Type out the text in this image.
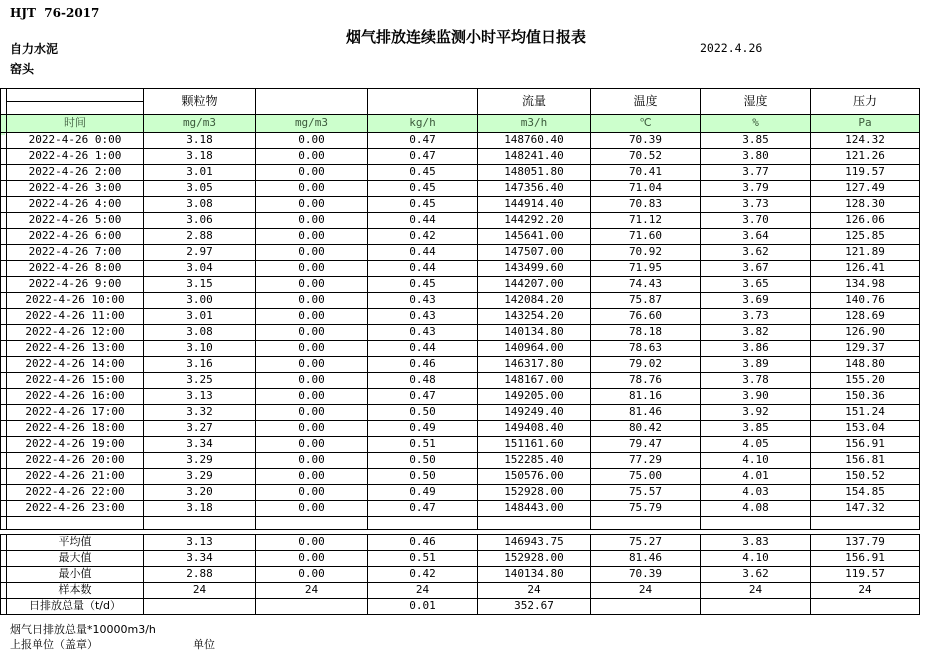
HJT  76-2017
烟气排放连续监测小时平均值日报表
2022.4.26
自力水泥
窑头
		颗粒物			流量	温度	湿度	压力

	时间	mg/m3	mg/m3	kg/h	m3/h	℃	%	Pa
	2022-4-26 0:00	3.18	0.00	0.47	148760.40	70.39	3.85	124.32
	2022-4-26 1:00	3.18	0.00	0.47	148241.40	70.52	3.80	121.26
	2022-4-26 2:00	3.01	0.00	0.45	148051.80	70.41	3.77	119.57
	2022-4-26 3:00	3.05	0.00	0.45	147356.40	71.04	3.79	127.49
	2022-4-26 4:00	3.08	0.00	0.45	144914.40	70.83	3.73	128.30
	2022-4-26 5:00	3.06	0.00	0.44	144292.20	71.12	3.70	126.06
	2022-4-26 6:00	2.88	0.00	0.42	145641.00	71.60	3.64	125.85
	2022-4-26 7:00	2.97	0.00	0.44	147507.00	70.92	3.62	121.89
	2022-4-26 8:00	3.04	0.00	0.44	143499.60	71.95	3.67	126.41
	2022-4-26 9:00	3.15	0.00	0.45	144207.00	74.43	3.65	134.98
	2022-4-26 10:00	3.00	0.00	0.43	142084.20	75.87	3.69	140.76
	2022-4-26 11:00	3.01	0.00	0.43	143254.20	76.60	3.73	128.69
	2022-4-26 12:00	3.08	0.00	0.43	140134.80	78.18	3.82	126.90
	2022-4-26 13:00	3.10	0.00	0.44	140964.00	78.63	3.86	129.37
	2022-4-26 14:00	3.16	0.00	0.46	146317.80	79.02	3.89	148.80
	2022-4-26 15:00	3.25	0.00	0.48	148167.00	78.76	3.78	155.20
	2022-4-26 16:00	3.13	0.00	0.47	149205.00	81.16	3.90	150.36
	2022-4-26 17:00	3.32	0.00	0.50	149249.40	81.46	3.92	151.24
	2022-4-26 18:00	3.27	0.00	0.49	149408.40	80.42	3.85	153.04
	2022-4-26 19:00	3.34	0.00	0.51	151161.60	79.47	4.05	156.91
	2022-4-26 20:00	3.29	0.00	0.50	152285.40	77.29	4.10	156.81
	2022-4-26 21:00	3.29	0.00	0.50	150576.00	75.00	4.01	150.52
	2022-4-26 22:00	3.20	0.00	0.49	152928.00	75.57	4.03	154.85
	2022-4-26 23:00	3.18	0.00	0.47	148443.00	75.79	4.08	147.32

	平均值	3.13	0.00	0.46	146943.75	75.27	3.83	137.79
	最大值	3.34	0.00	0.51	152928.00	81.46	4.10	156.91
	最小值	2.88	0.00	0.42	140134.80	70.39	3.62	119.57
	样本数	24	24	24	24	24	24	24
	日排放总量（t/d）			0.01	352.67			
烟气日排放总量*10000m3/h
上报单位（盖章）	单位
